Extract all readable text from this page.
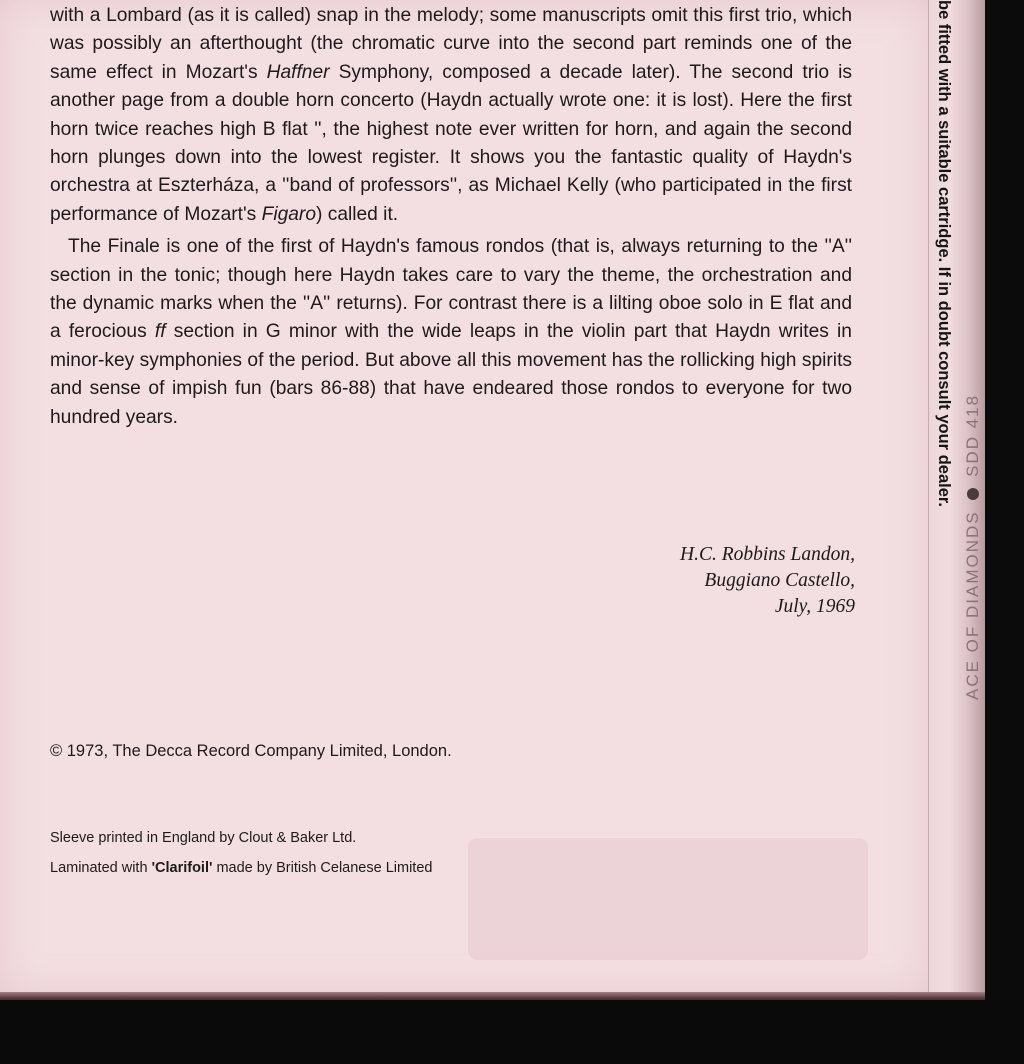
with a Lombard (as it is called) snap in the melody; some manuscripts omit this first trio, which was possibly an afterthought (the chromatic curve into the second part reminds one of the same effect in Mozart's Haffner Symphony, composed a decade later). The second trio is another page from a double horn concerto (Haydn actually wrote one: it is lost). Here the first horn twice reaches high B flat '', the highest note ever written for horn, and again the second horn plunges down into the lowest register. It shows you the fantastic quality of Haydn's orchestra at Eszterháza, a ''band of professors'', as Michael Kelly (who participated in the first performance of Mozart's Figaro) called it.

The Finale is one of the first of Haydn's famous rondos (that is, always returning to the ''A'' section in the tonic; though here Haydn takes care to vary the theme, the orchestration and the dynamic marks when the ''A'' returns). For contrast there is a lilting oboe solo in E flat and a ferocious ff section in G minor with the wide leaps in the violin part that Haydn writes in minor-key symphonies of the period. But above all this movement has the rollicking high spirits and sense of impish fun (bars 86-88) that have endeared those rondos to everyone for two hundred years.

H.C. Robbins Landon,
Buggiano Castello,
July, 1969
© 1973, The Decca Record Company Limited, London.
Sleeve printed in England by Clout & Baker Ltd.
Laminated with 'Clarifoil' made by British Celanese Limited
be fitted with a suitable cartridge. If in doubt consult your dealer.
ACE OF DIAMONDS  SDD 418
